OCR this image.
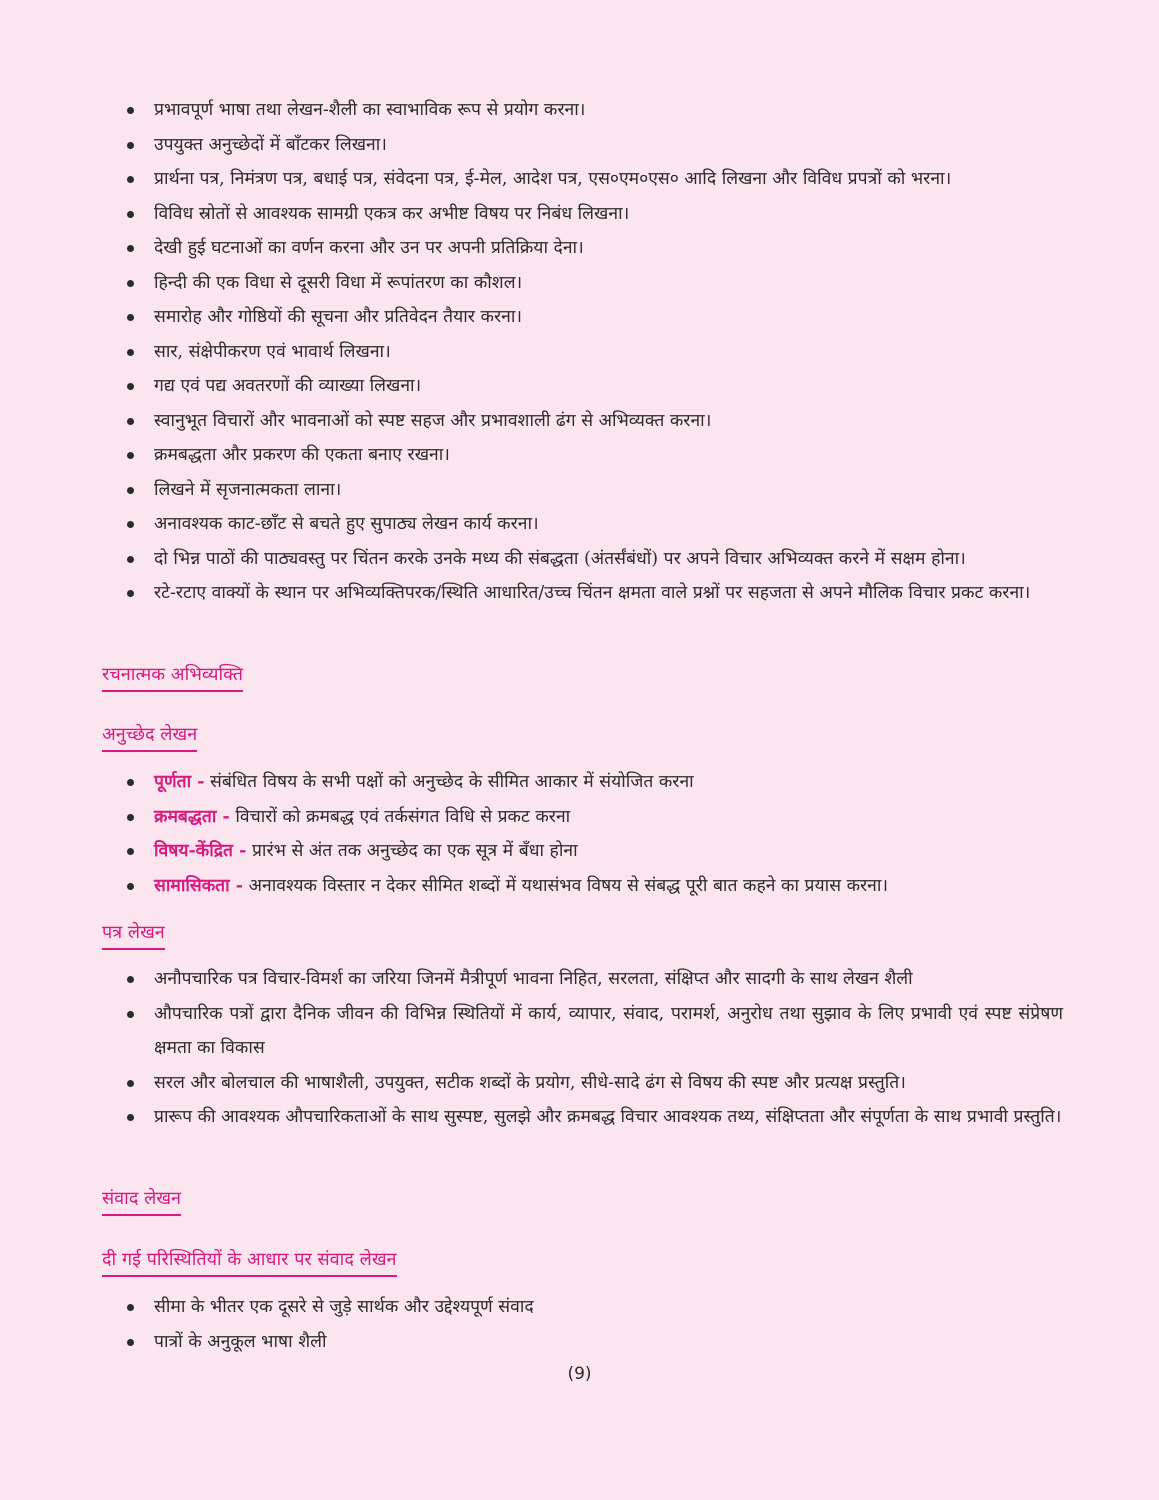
प्रभावपूर्ण भाषा तथा लेखन-शैली का स्वाभाविक रूप से प्रयोग करना।
उपयुक्त अनुच्छेदों में बाँटकर लिखना।
प्रार्थना पत्र, निमंत्रण पत्र, बधाई पत्र, संवेदना पत्र, ई-मेल, आदेश पत्र, एस०एम०एस० आदि लिखना और विविध प्रपत्रों को भरना।
विविध स्रोतों से आवश्यक सामग्री एकत्र कर अभीष्ट विषय पर निबंध लिखना।
देखी हुई घटनाओं का वर्णन करना और उन पर अपनी प्रतिक्रिया देना।
हिन्दी की एक विधा से दूसरी विधा में रूपांतरण का कौशल।
समारोह और गोष्ठियों की सूचना और प्रतिवेदन तैयार करना।
सार, संक्षेपीकरण एवं भावार्थ लिखना।
गद्य एवं पद्य अवतरणों की व्याख्या लिखना।
स्वानुभूत विचारों और भावनाओं को स्पष्ट सहज और प्रभावशाली ढंग से अभिव्यक्त करना।
क्रमबद्धता और प्रकरण की एकता बनाए रखना।
लिखने में सृजनात्मकता लाना।
अनावश्यक काट-छाँट से बचते हुए सुपाठ्य लेखन कार्य करना।
दो भिन्न पाठों की पाठ्यवस्तु पर चिंतन करके उनके मध्य की संबद्धता (अंतर्संबंधों) पर अपने विचार अभिव्यक्त करने में सक्षम होना।
रटे-रटाए वाक्यों के स्थान पर अभिव्यक्तिपरक/स्थिति आधारित/उच्च चिंतन क्षमता वाले प्रश्नों पर सहजता से अपने मौलिक विचार प्रकट करना।
रचनात्मक अभिव्यक्ति
अनुच्छेद लेखन
पूर्णता - संबंधित विषय के सभी पक्षों को अनुच्छेद के सीमित आकार में संयोजित करना
क्रमबद्धता - विचारों को क्रमबद्ध एवं तर्कसंगत विधि से प्रकट करना
विषय-केंद्रित - प्रारंभ से अंत तक अनुच्छेद का एक सूत्र में बँधा होना
सामासिकता - अनावश्यक विस्तार न देकर सीमित शब्दों में यथासंभव विषय से संबद्ध पूरी बात कहने का प्रयास करना।
पत्र लेखन
अनौपचारिक पत्र विचार-विमर्श का जरिया जिनमें मैत्रीपूर्ण भावना निहित, सरलता, संक्षिप्त और सादगी के साथ लेखन शैली
औपचारिक पत्रों द्वारा दैनिक जीवन की विभिन्न स्थितियों में कार्य, व्यापार, संवाद, परामर्श, अनुरोध तथा सुझाव के लिए प्रभावी एवं स्पष्ट संप्रेषण क्षमता का विकास
सरल और बोलचाल की भाषाशैली, उपयुक्त, सटीक शब्दों के प्रयोग, सीधे-सादे ढंग से विषय की स्पष्ट और प्रत्यक्ष प्रस्तुति।
प्रारूप की आवश्यक औपचारिकताओं के साथ सुस्पष्ट, सुलझे और क्रमबद्ध विचार आवश्यक तथ्य, संक्षिप्तता और संपूर्णता के साथ प्रभावी प्रस्तुति।
संवाद लेखन
दी गई परिस्थितियों के आधार पर संवाद लेखन
सीमा के भीतर एक दूसरे से जुड़े सार्थक और उद्देश्यपूर्ण संवाद
पात्रों के अनुकूल भाषा शैली
(9)
